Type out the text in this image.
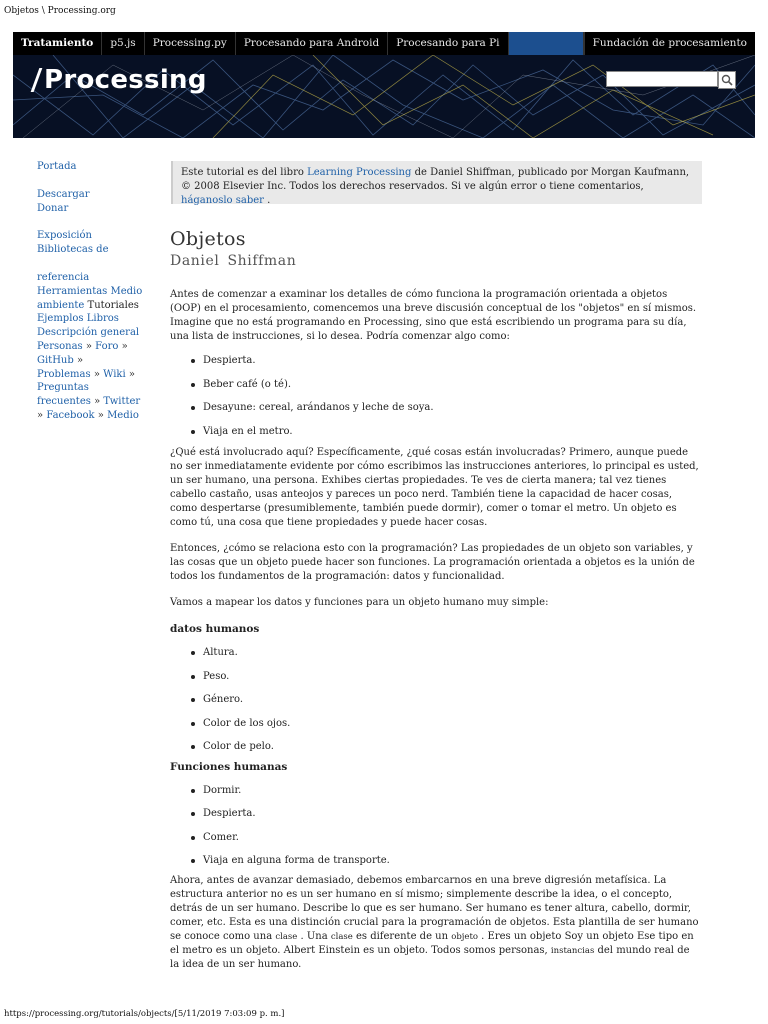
Objetos \ Processing.org
Tratamiento	p5.js	Processing.py	Procesando para Android	Procesando para Pi	Fundación de procesamiento
Processing
Portada
Descargar
Donar
Exposición
Bibliotecas de
referencia
Herramientas Medio
ambiente Tutoriales
Ejemplos Libros
Descripción general
Personas » Foro »
GitHub »
Problemas » Wiki »
Preguntas
frecuentes » Twitter
» Facebook » Medio
Este tutorial es del libro Learning Processing de Daniel Shiffman, publicado por Morgan Kaufmann, © 2008 Elsevier Inc. Todos los derechos reservados. Si ve algún error o tiene comentarios, háganoslo saber .
Objetos
Daniel Shiffman

Antes de comenzar a examinar los detalles de cómo funciona la programación orientada a objetos (OOP) en el procesamiento, comencemos una breve discusión conceptual de los "objetos" en sí mismos. Imagine que no está programando en Processing, sino que está escribiendo un programa para su día, una lista de instrucciones, si lo desea. Podría comenzar algo como:

Despierta.
Beber café (o té).
Desayune: cereal, arándanos y leche de soya.
Viaja en el metro.

¿Qué está involucrado aquí? Específicamente, ¿qué cosas están involucradas? Primero, aunque puede no ser inmediatamente evidente por cómo escribimos las instrucciones anteriores, lo principal es usted, un ser humano, una persona. Exhibes ciertas propiedades. Te ves de cierta manera; tal vez tienes cabello castaño, usas anteojos y pareces un poco nerd. También tiene la capacidad de hacer cosas, como despertarse (presumiblemente, también puede dormir), comer o tomar el metro. Un objeto es como tú, una cosa que tiene propiedades y puede hacer cosas.

Entonces, ¿cómo se relaciona esto con la programación? Las propiedades de un objeto son variables, y las cosas que un objeto puede hacer son funciones. La programación orientada a objetos es la unión de todos los fundamentos de la programación: datos y funcionalidad.

Vamos a mapear los datos y funciones para un objeto humano muy simple:

datos humanos
Altura.
Peso.
Género.
Color de los ojos.
Color de pelo.
Funciones humanas
Dormir.
Despierta.
Comer.
Viaja en alguna forma de transporte.

Ahora, antes de avanzar demasiado, debemos embarcarnos en una breve digresión metafísica. La estructura anterior no es un ser humano en sí mismo; simplemente describe la idea, o el concepto, detrás de un ser humano. Describe lo que es ser humano. Ser humano es tener altura, cabello, dormir, comer, etc. Esta es una distinción crucial para la programación de objetos. Esta plantilla de ser humano se conoce como una clase . Una clase es diferente de un objeto . Eres un objeto Soy un objeto Ese tipo en el metro es un objeto. Albert Einstein es un objeto. Todos somos personas, instancias del mundo real de la idea de un ser humano.

https://processing.org/tutorials/objects/[5/11/2019 7:03:09 p. m.]
